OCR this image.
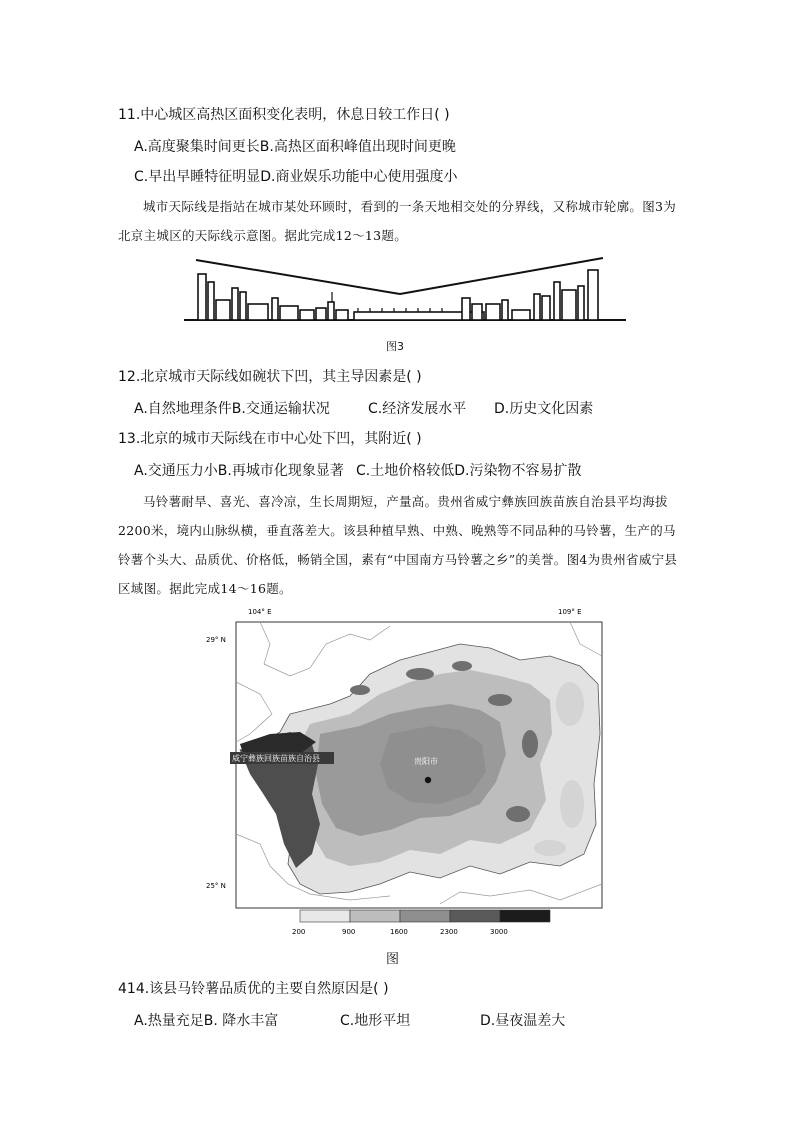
11.中心城区高热区面积变化表明，休息日较工作日( )
A.高度聚集时间更长B.高热区面积峰值出现时间更晚
C.早出早睡特征明显D.商业娱乐功能中心使用强度小
城市天际线是指站在城市某处环顾时，看到的一条天地相交处的分界线，又称城市轮廓。图3为北京主城区的天际线示意图。据此完成12～13题。
图3
12.北京城市天际线如碗状下凹，其主导因素是( )
A.自然地理条件B.交通运输状况	C.经济发展水平 D.历史文化因素
13.北京的城市天际线在市中心处下凹，其附近( )
A.交通压力小B.再城市化现象显著 C.土地价格较低D.污染物不容易扩散
马铃薯耐旱、喜光、喜冷凉，生长周期短，产量高。贵州省威宁彝族回族苗族自治县平均海拔2200米，境内山脉纵横，垂直落差大。该县种植早熟、中熟、晚熟等不同品种的马铃薯，生产的马铃薯个头大、品质优、价格低，畅销全国，素有“中国南方马铃薯之乡”的美誉。图4为贵州省威宁县区域图。据此完成14～16题。
104° E	109° E
29° N
25° N
威宁彝族回族苗族自治县	贵阳市
200	900	1600	2300	3000
图
414.该县马铃薯品质优的主要自然原因是( )
A.热量充足B. 降水丰富	C.地形平坦	D.昼夜温差大
